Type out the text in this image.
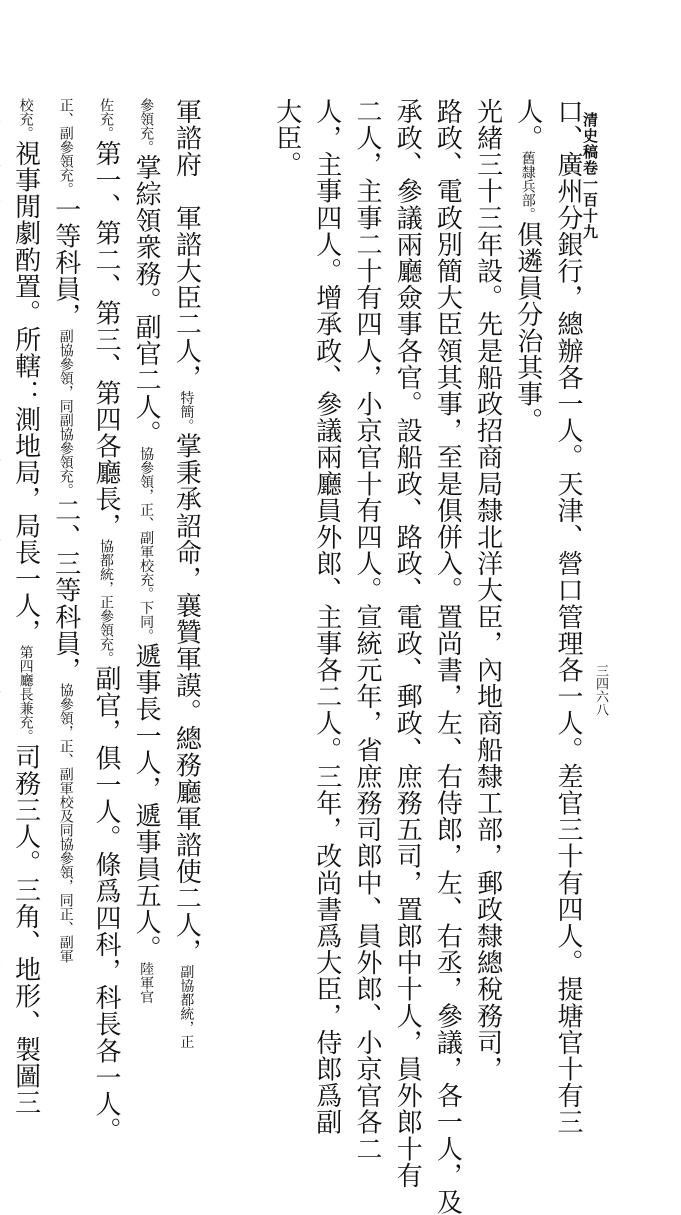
清史稿卷一百十九
三四六八
口、廣州分銀行，總辦各一人。天津、營口管理各一人。差官三十有四人。提塘官十有三
人。舊隸兵部。俱遴員分治其事。
光緒三十三年設。先是船政招商局隸北洋大臣，內地商船隸工部，郵政隸總稅務司，
路政、電政別簡大臣領其事，至是俱併入。置尚書，左、右侍郎，左、右丞，參議，各一人，及
承政、參議兩廳僉事各官。設船政、路政、電政、郵政、庶務五司，置郎中十人，員外郎十有
二人，主事二十有四人，小京官十有四人。宣統元年，省庶務司郎中、員外郎、小京官各二
人，主事四人。增承政、參議兩廳員外郎、主事各二人。三年，改尚書爲大臣，侍郎爲副
大臣。
軍諮府　軍諮大臣二人，特簡。掌秉承詔命，襄贊軍謨。總務廳軍諮使二人，副協都統，正
參領充。掌綜領衆務。副官二人。協參領，正、副軍校充。下同。遞事長一人，遞事員五人。陸軍官
佐充。第一、第二、第三、第四各廳長，協都統，正參領充。副官，俱一人。條爲四科，科長各一人。
正、副參領充。一等科員，副協參領，同副協參領充。二、三等科員，協參領，正、副軍校及同協參領，同正、副軍
校充。視事閒劇酌置。所轄：測地局，局長一人，第四廳長兼充。司務三人。三角、地形、製圖三
